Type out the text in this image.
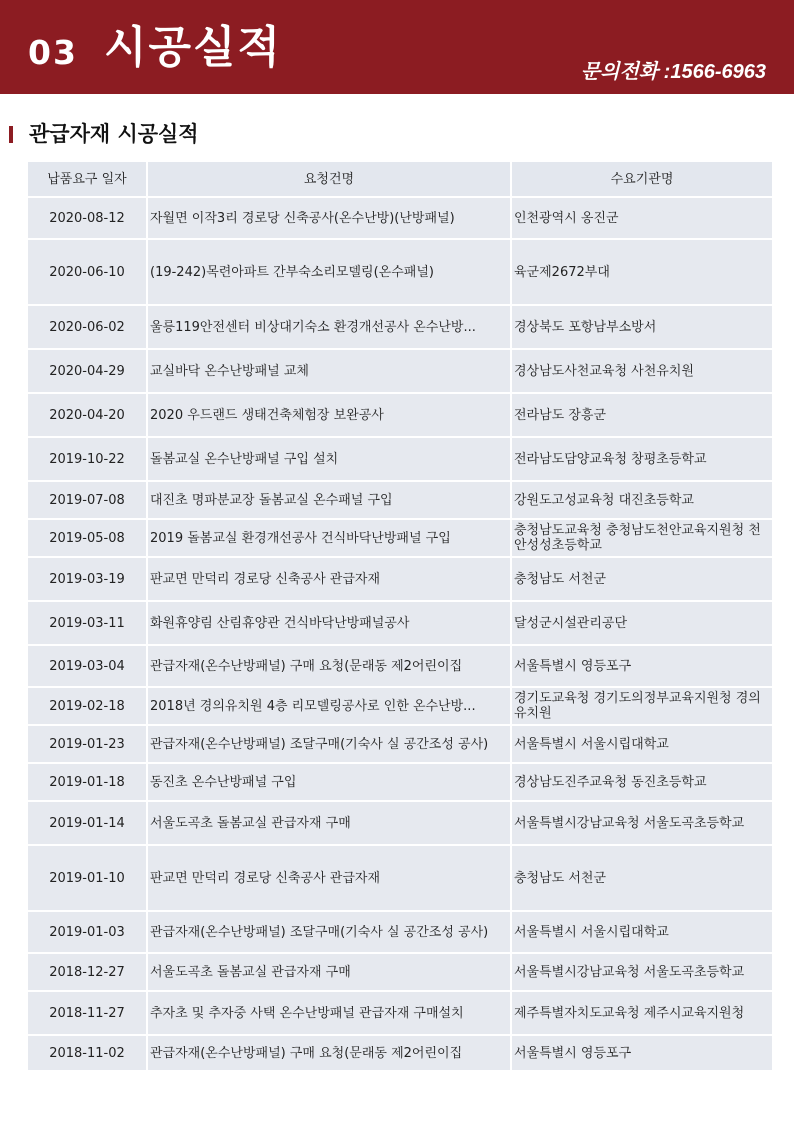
03 시공실적	문의전화 :1566-6963
관급자재 시공실적
납품요구 일자	요청건명	수요기관명
2020-08-12	자월면 이작3리 경로당 신축공사(온수난방)(난방패널)	인천광역시 옹진군
2020-06-10	(19-242)목련아파트 간부숙소리모델링(온수패널)	육군제2672부대
2020-06-02	울릉119안전센터 비상대기숙소 환경개선공사 온수난방...	경상북도 포항남부소방서
2020-04-29	교실바닥 온수난방패널 교체	경상남도사천교육청 사천유치원
2020-04-20	2020 우드랜드 생태건축체험장 보완공사	전라남도 장흥군
2019-10-22	돌봄교실 온수난방패널 구입 설치	전라남도담양교육청 창평초등학교
2019-07-08	대진초 명파분교장 돌봄교실 온수패널 구입	강원도고성교육청 대진초등학교
2019-05-08	2019 돌봄교실 환경개선공사 건식바닥난방패널 구입	충청남도교육청 충청남도천안교육지원청 천안성성초등학교
2019-03-19	판교면 만덕리 경로당 신축공사 관급자재	충청남도 서천군
2019-03-11	화원휴양림 산림휴양관 건식바닥난방패널공사	달성군시설관리공단
2019-03-04	관급자재(온수난방패널) 구매 요청(문래동 제2어린이집	서울특별시 영등포구
2019-02-18	2018년 경의유치원 4층 리모델링공사로 인한 온수난방...	경기도교육청 경기도의정부교육지원청 경의유치원
2019-01-23	관급자재(온수난방패널) 조달구매(기숙사 실 공간조성 공사)	서울특별시 서울시립대학교
2019-01-18	동진초 온수난방패널 구입	경상남도진주교육청 동진초등학교
2019-01-14	서울도곡초 돌봄교실 관급자재 구매	서울특별시강남교육청 서울도곡초등학교
2019-01-10	판교면 만덕리 경로당 신축공사 관급자재	충청남도 서천군
2019-01-03	관급자재(온수난방패널) 조달구매(기숙사 실 공간조성 공사)	서울특별시 서울시립대학교
2018-12-27	서울도곡초 돌봄교실 관급자재 구매	서울특별시강남교육청 서울도곡초등학교
2018-11-27	추자초 및 추자중 사택 온수난방패널 관급자재 구매설치	제주특별자치도교육청 제주시교육지원청
2018-11-02	관급자재(온수난방패널) 구매 요청(문래동 제2어린이집	서울특별시 영등포구
